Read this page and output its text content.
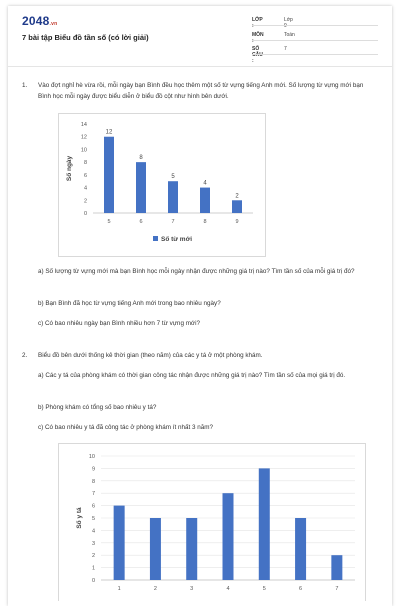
2048.vn
7 bài tập Biểu đồ tần số (có lời giải)
LỚP :
Lớp 9
MÔN :
Toán
SỐ CÂU :
7
1. Vào đợt nghỉ hè vừa rồi, mỗi ngày bạn Bình đều học thêm một số từ vựng tiếng Anh mới. Số lượng từ vựng mới bạn Bình học mỗi ngày được biểu diễn ở biểu đồ cột như hình bên dưới.
0
2
4
6
8
10
12
14
5
12
6
8
7
5
8
4
9
2
Số ngày
Số từ mới
a) Số lượng từ vựng mới mà bạn Bình học mỗi ngày nhận được những giá trị nào? Tìm tần số của mỗi giá trị đó?
b) Bạn Bình đã học từ vựng tiếng Anh mới trong bao nhiêu ngày?
c) Có bao nhiêu ngày bạn Bình nhiều hơn 7 từ vựng mới?
2. Biểu đồ bên dưới thống kê thời gian (theo năm) của các y tá ở một phòng khám.
a) Các y tá của phòng khám có thời gian công tác nhận được những giá trị nào? Tìm tần số của mọi giá trị đó.
b) Phòng khám có tổng số bao nhiêu y tá?
c) Có bao nhiêu y tá đã công tác ở phòng khám ít nhất 3 năm?
0
1
2
3
4
5
6
7
8
9
10
1	2	3	4	5	6	7
Số y tá
